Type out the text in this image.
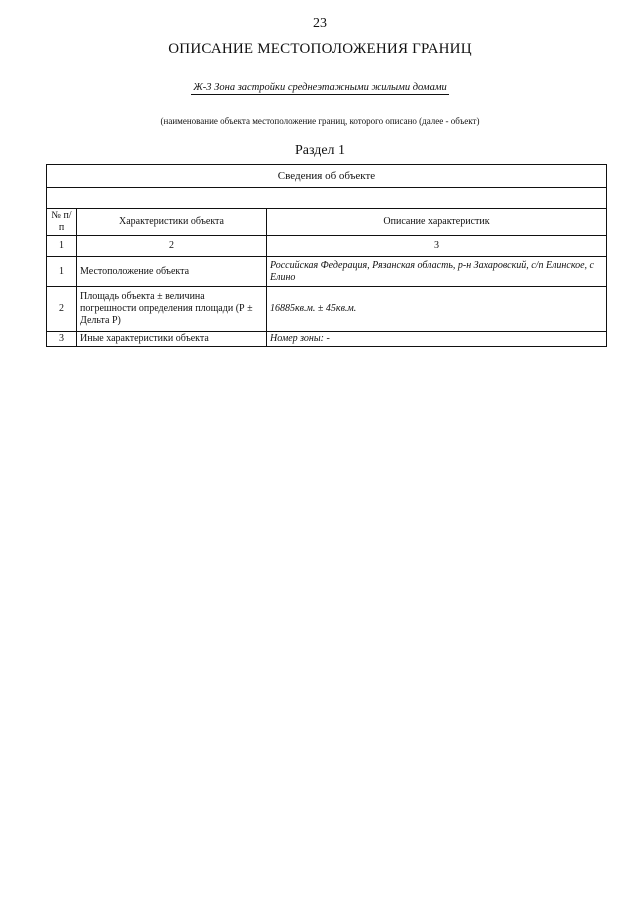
23
ОПИСАНИЕ МЕСТОПОЛОЖЕНИЯ ГРАНИЦ
Ж-3 Зона застройки среднеэтажными жилыми домами
(наименование объекта местоположение границ, которого описано (далее - объект)
Раздел 1
Сведения об объекте		

№ п/п	Характеристики объекта	Описание характеристик
1	2	3
1	Местоположение объекта	Российская Федерация, Рязанская область, р-н Захаровский, с/п Елинское, с Елино
2	Площадь объекта ± величина погрешности определения площади (Р ± Дельта Р)	16885кв.м. ± 45кв.м.
3	Иные характеристики объекта	Номер зоны: -
